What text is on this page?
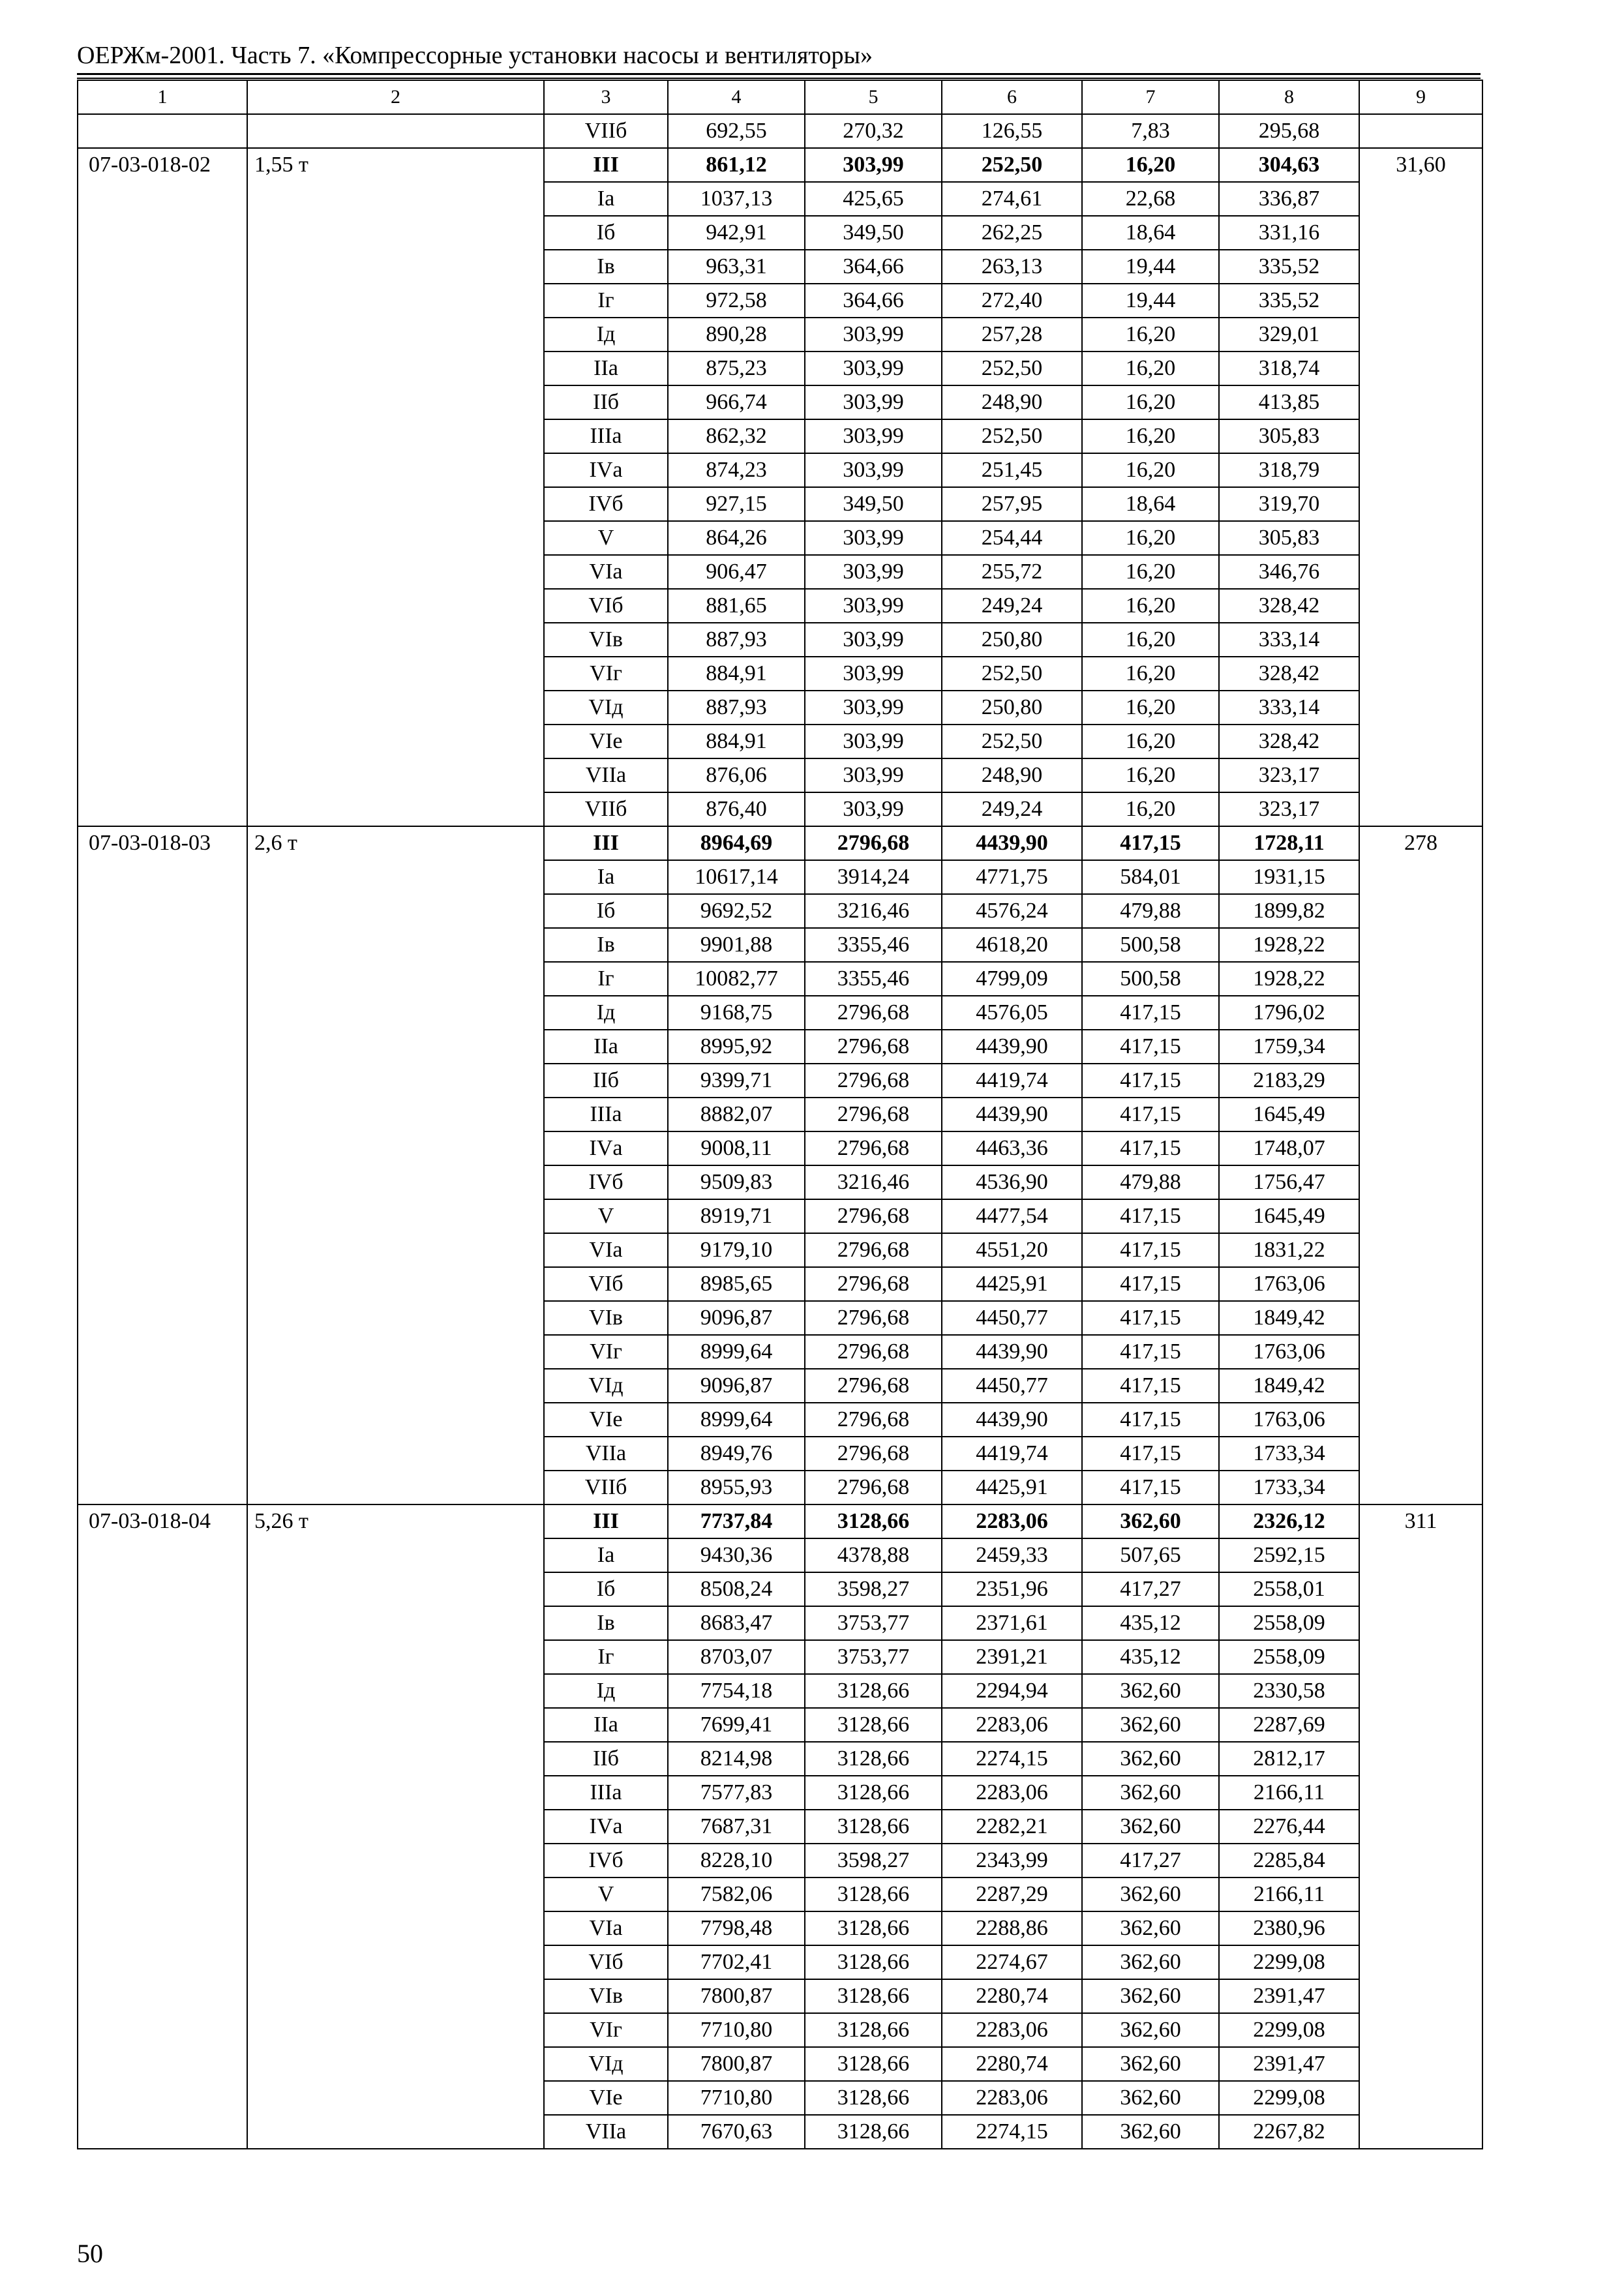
ОЕРЖм-2001. Часть 7. «Компрессорные установки насосы и вентиляторы»
1	2	3	4	5	6	7	8	9
		VIIб	692,55	270,32	126,55	7,83	295,68	
07-03-018-02	1,55 т	III	861,12	303,99	252,50	16,20	304,63	31,60
		Iа	1037,13	425,65	274,61	22,68	336,87	
		Iб	942,91	349,50	262,25	18,64	331,16	
		Iв	963,31	364,66	263,13	19,44	335,52	
		Iг	972,58	364,66	272,40	19,44	335,52	
		Iд	890,28	303,99	257,28	16,20	329,01	
		IIа	875,23	303,99	252,50	16,20	318,74	
		IIб	966,74	303,99	248,90	16,20	413,85	
		IIIа	862,32	303,99	252,50	16,20	305,83	
		IVа	874,23	303,99	251,45	16,20	318,79	
		IVб	927,15	349,50	257,95	18,64	319,70	
		V	864,26	303,99	254,44	16,20	305,83	
		VIа	906,47	303,99	255,72	16,20	346,76	
		VIб	881,65	303,99	249,24	16,20	328,42	
		VIв	887,93	303,99	250,80	16,20	333,14	
		VIг	884,91	303,99	252,50	16,20	328,42	
		VIд	887,93	303,99	250,80	16,20	333,14	
		VIе	884,91	303,99	252,50	16,20	328,42	
		VIIа	876,06	303,99	248,90	16,20	323,17	
		VIIб	876,40	303,99	249,24	16,20	323,17	
07-03-018-03	2,6 т	III	8964,69	2796,68	4439,90	417,15	1728,11	278
		Iа	10617,14	3914,24	4771,75	584,01	1931,15	
		Iб	9692,52	3216,46	4576,24	479,88	1899,82	
		Iв	9901,88	3355,46	4618,20	500,58	1928,22	
		Iг	10082,77	3355,46	4799,09	500,58	1928,22	
		Iд	9168,75	2796,68	4576,05	417,15	1796,02	
		IIа	8995,92	2796,68	4439,90	417,15	1759,34	
		IIб	9399,71	2796,68	4419,74	417,15	2183,29	
		IIIа	8882,07	2796,68	4439,90	417,15	1645,49	
		IVа	9008,11	2796,68	4463,36	417,15	1748,07	
		IVб	9509,83	3216,46	4536,90	479,88	1756,47	
		V	8919,71	2796,68	4477,54	417,15	1645,49	
		VIа	9179,10	2796,68	4551,20	417,15	1831,22	
		VIб	8985,65	2796,68	4425,91	417,15	1763,06	
		VIв	9096,87	2796,68	4450,77	417,15	1849,42	
		VIг	8999,64	2796,68	4439,90	417,15	1763,06	
		VIд	9096,87	2796,68	4450,77	417,15	1849,42	
		VIе	8999,64	2796,68	4439,90	417,15	1763,06	
		VIIа	8949,76	2796,68	4419,74	417,15	1733,34	
		VIIб	8955,93	2796,68	4425,91	417,15	1733,34	
07-03-018-04	5,26 т	III	7737,84	3128,66	2283,06	362,60	2326,12	311
		Iа	9430,36	4378,88	2459,33	507,65	2592,15	
		Iб	8508,24	3598,27	2351,96	417,27	2558,01	
		Iв	8683,47	3753,77	2371,61	435,12	2558,09	
		Iг	8703,07	3753,77	2391,21	435,12	2558,09	
		Iд	7754,18	3128,66	2294,94	362,60	2330,58	
		IIа	7699,41	3128,66	2283,06	362,60	2287,69	
		IIб	8214,98	3128,66	2274,15	362,60	2812,17	
		IIIа	7577,83	3128,66	2283,06	362,60	2166,11	
		IVа	7687,31	3128,66	2282,21	362,60	2276,44	
		IVб	8228,10	3598,27	2343,99	417,27	2285,84	
		V	7582,06	3128,66	2287,29	362,60	2166,11	
		VIа	7798,48	3128,66	2288,86	362,60	2380,96	
		VIб	7702,41	3128,66	2274,67	362,60	2299,08	
		VIв	7800,87	3128,66	2280,74	362,60	2391,47	
		VIг	7710,80	3128,66	2283,06	362,60	2299,08	
		VIд	7800,87	3128,66	2280,74	362,60	2391,47	
		VIе	7710,80	3128,66	2283,06	362,60	2299,08	
		VIIа	7670,63	3128,66	2274,15	362,60	2267,82	
50
